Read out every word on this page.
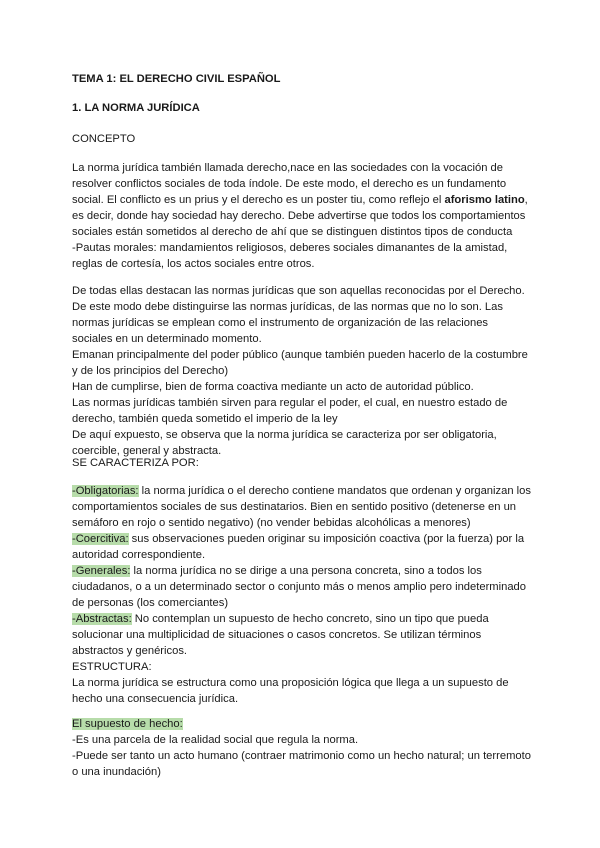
TEMA 1: EL DERECHO CIVIL ESPAÑOL
1. LA NORMA JURÍDICA
CONCEPTO
La norma jurídica también llamada derecho,nace en las sociedades con la vocación de
resolver conflictos sociales de toda índole. De este modo, el derecho es un fundamento
social. El conflicto es un prius y el derecho es un poster tiu, como reflejo el aforismo latino,
es decir, donde hay sociedad hay derecho. Debe advertirse que todos los comportamientos
sociales están sometidos al derecho de ahí que se distinguen distintos tipos de conducta
-Pautas morales: mandamientos religiosos, deberes sociales dimanantes de la amistad,
reglas de cortesía, los actos sociales entre otros.
De todas ellas destacan las normas jurídicas que son aquellas reconocidas por el Derecho.
De este modo debe distinguirse las normas jurídicas, de las normas que no lo son. Las
normas jurídicas se emplean como el instrumento de organización de las relaciones
sociales en un determinado momento.
Emanan principalmente del poder público (aunque también pueden hacerlo de la costumbre
y de los principios del Derecho)
Han de cumplirse, bien de forma coactiva mediante un acto de autoridad público.
Las normas jurídicas también sirven para regular el poder, el cual, en nuestro estado de
derecho, también queda sometido el imperio de la ley
De aquí expuesto, se observa que la norma jurídica se caracteriza por ser obligatoria,
coercible, general y abstracta.
SE CARACTERIZA POR:
-Obligatorias: la norma jurídica o el derecho contiene mandatos que ordenan y organizan los
comportamientos sociales de sus destinatarios. Bien en sentido positivo (detenerse en un
semáforo en rojo o sentido negativo) (no vender bebidas alcohólicas a menores)
-Coercitiva: sus observaciones pueden originar su imposición coactiva (por la fuerza) por la
autoridad correspondiente.
-Generales: la norma jurídica no se dirige a una persona concreta, sino a todos los
ciudadanos, o a un determinado sector o conjunto más o menos amplio pero indeterminado
de personas (los comerciantes)
-Abstractas: No contemplan un supuesto de hecho concreto, sino un tipo que pueda
solucionar una multiplicidad de situaciones o casos concretos. Se utilizan términos
abstractos y genéricos.
ESTRUCTURA:
La norma jurídica se estructura como una proposición lógica que llega a un supuesto de
hecho una consecuencia jurídica.
El supuesto de hecho:
-Es una parcela de la realidad social que regula la norma.
-Puede ser tanto un acto humano (contraer matrimonio como un hecho natural; un terremoto
o una inundación)
